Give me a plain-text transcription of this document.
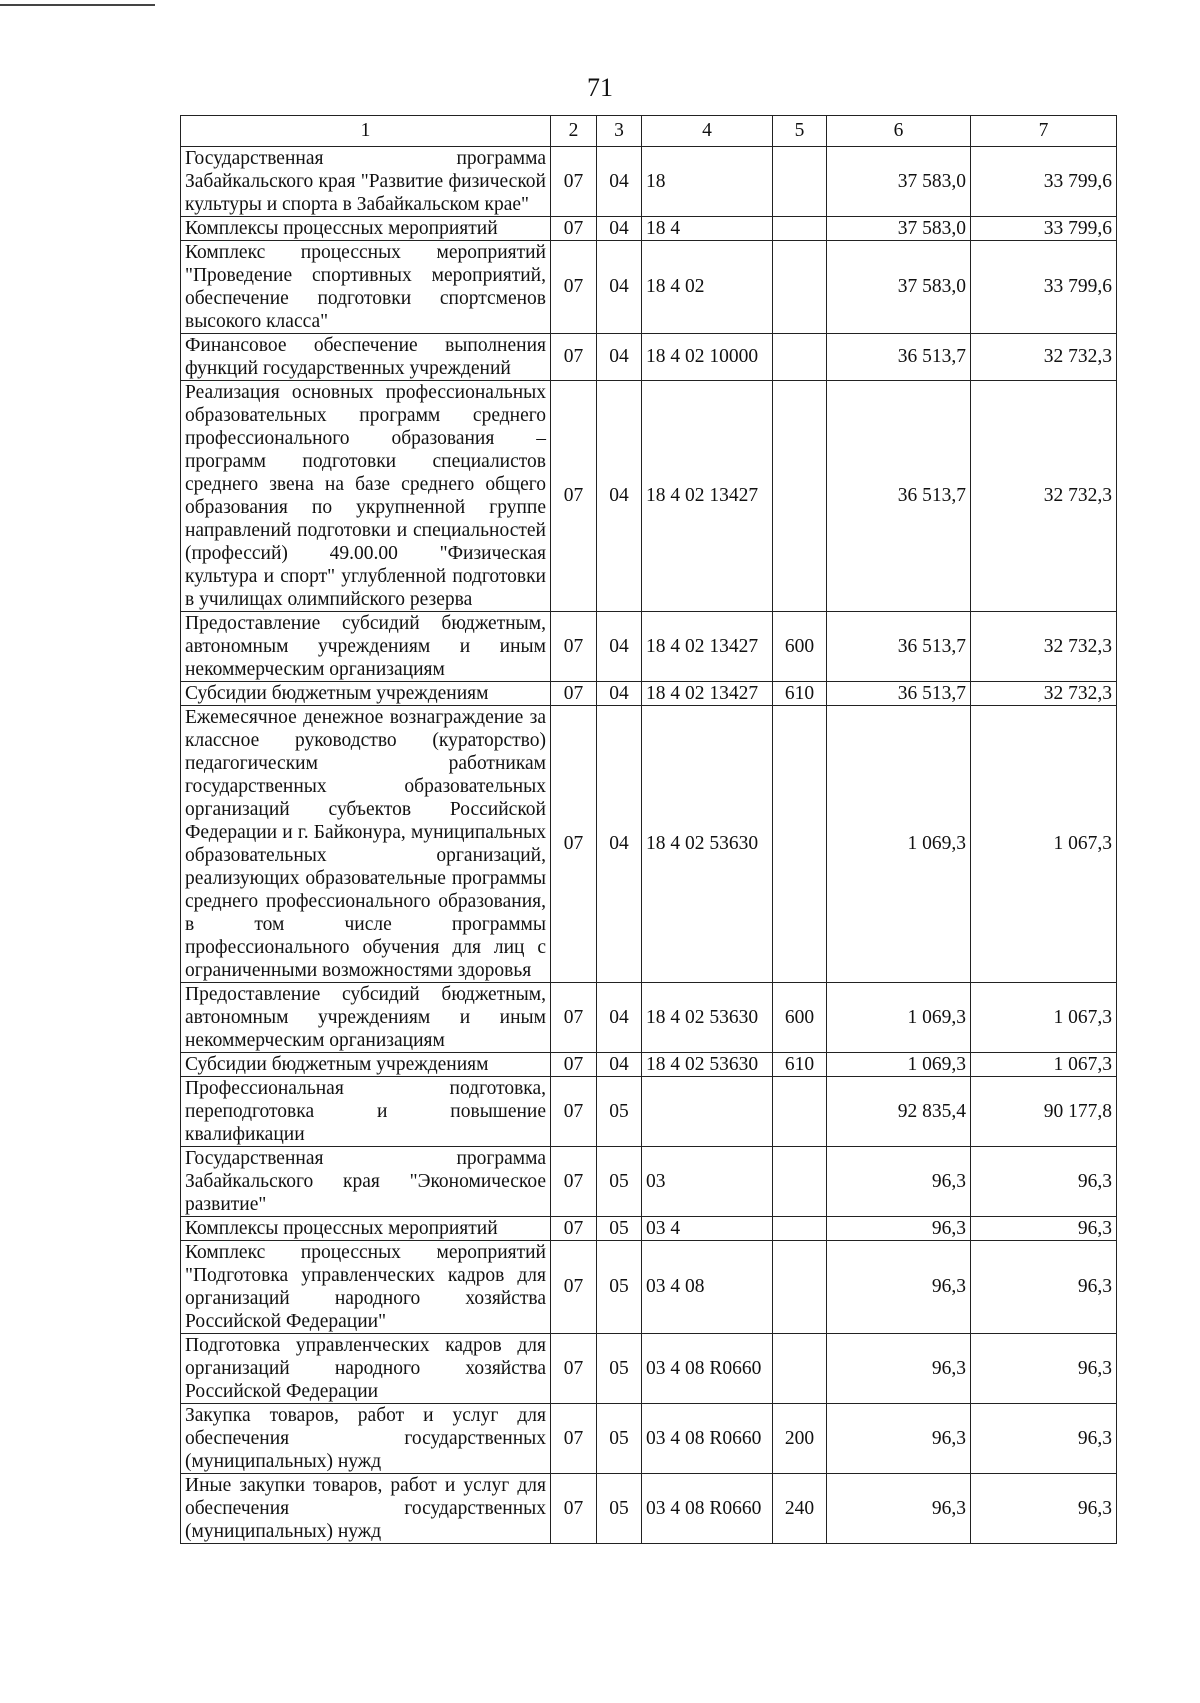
71
1	2	3	4	5	6	7
Государственная программа Забайкальского края "Развитие физической культуры и спорта в Забайкальском крае"	07	04	18		37 583,0	33 799,6
Комплексы процессных мероприятий	07	04	18 4		37 583,0	33 799,6
Комплекс процессных мероприятий "Проведение спортивных мероприятий, обеспечение подготовки спортсменов высокого класса"	07	04	18 4 02		37 583,0	33 799,6
Финансовое обеспечение выполнения функций государственных учреждений	07	04	18 4 02 10000		36 513,7	32 732,3
Реализация основных профессиональных образовательных программ среднего профессионального образования – программ подготовки специалистов среднего звена на базе среднего общего образования по укрупненной группе направлений подготовки и специальностей (профессий) 49.00.00 "Физическая культура и спорт" углубленной подготовки в училищах олимпийского резерва	07	04	18 4 02 13427		36 513,7	32 732,3
Предоставление субсидий бюджетным, автономным учреждениям и иным некоммерческим организациям	07	04	18 4 02 13427	600	36 513,7	32 732,3
Субсидии бюджетным учреждениям	07	04	18 4 02 13427	610	36 513,7	32 732,3
Ежемесячное денежное вознаграждение за классное руководство (кураторство) педагогическим работникам государственных образовательных организаций субъектов Российской Федерации и г. Байконура, муниципальных образовательных организаций, реализующих образовательные программы среднего профессионального образования, в том числе программы профессионального обучения для лиц с ограниченными возможностями здоровья	07	04	18 4 02 53630		1 069,3	1 067,3
Предоставление субсидий бюджетным, автономным учреждениям и иным некоммерческим организациям	07	04	18 4 02 53630	600	1 069,3	1 067,3
Субсидии бюджетным учреждениям	07	04	18 4 02 53630	610	1 069,3	1 067,3
Профессиональная подготовка, переподготовка и повышение квалификации	07	05			92 835,4	90 177,8
Государственная программа Забайкальского края "Экономическое развитие"	07	05	03		96,3	96,3
Комплексы процессных мероприятий	07	05	03 4		96,3	96,3
Комплекс процессных мероприятий "Подготовка управленческих кадров для организаций народного хозяйства Российской Федерации"	07	05	03 4 08		96,3	96,3
Подготовка управленческих кадров для организаций народного хозяйства Российской Федерации	07	05	03 4 08 R0660		96,3	96,3
Закупка товаров, работ и услуг для обеспечения государственных (муниципальных) нужд	07	05	03 4 08 R0660	200	96,3	96,3
Иные закупки товаров, работ и услуг для обеспечения государственных (муниципальных) нужд	07	05	03 4 08 R0660	240	96,3	96,3
